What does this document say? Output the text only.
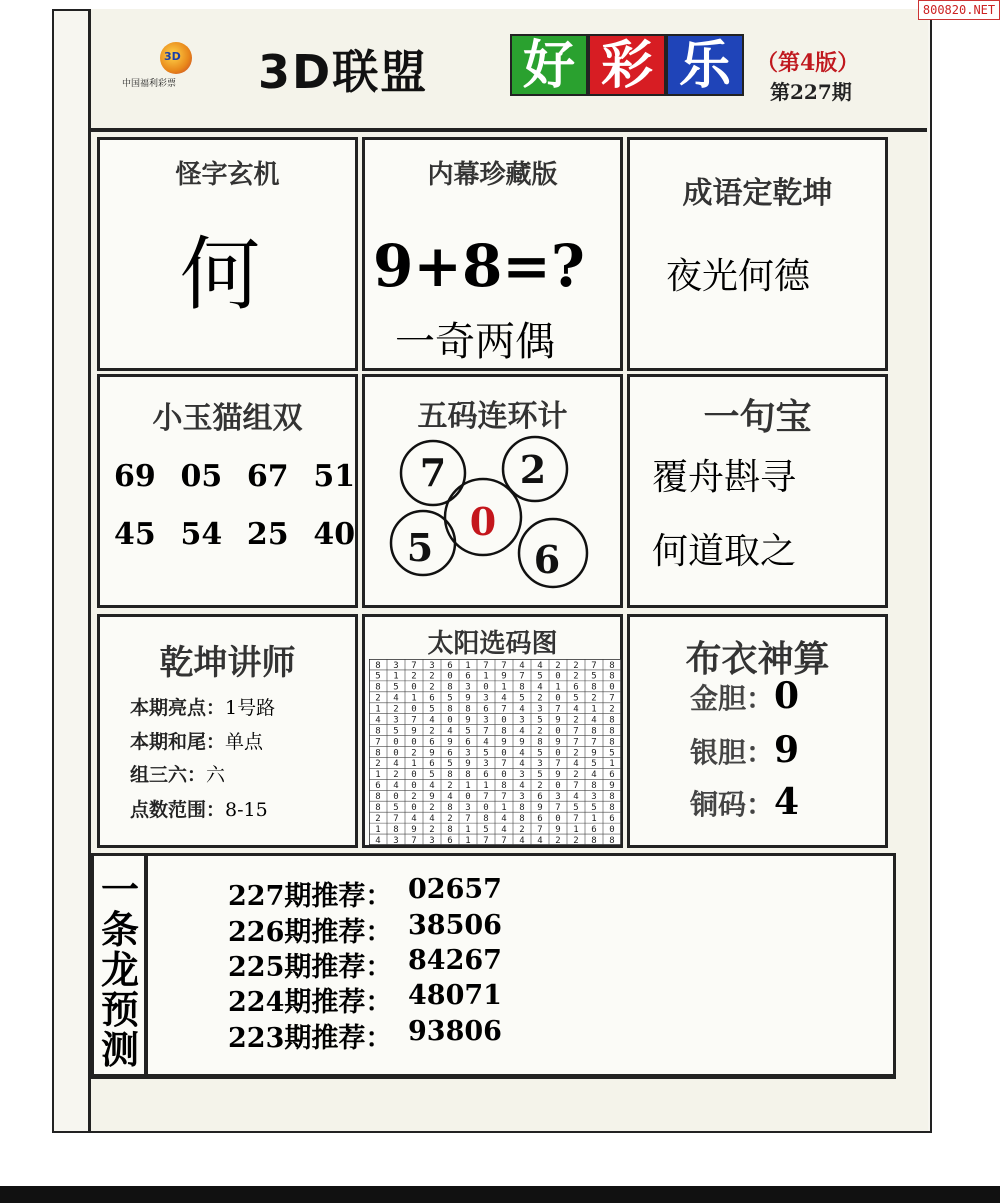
800820.NET
3D
中国福利彩票	3D联盟 好 彩 乐	（第4版）
第227期
怪字玄机
何
内幕珍藏版
9+8=?
一奇两偶
成语定乾坤
夜光何德
小玉猫组双
69 05 67 51
45 54 25 40
五码连环计
7 2
0
5	6
一句宝
覆舟斟寻
何道取之
乾坤讲师
本期亮点：1号路
本期和尾：单点
组三六：六
点数范围：8-15
太阳选码图
8 3 7 3 6 1 7 7 4 4 2 2 7 8
5 1 2 2 0 6 1 9 7 5 0 2 5 8
8 5 0 2 8 3 0 1 8 4 1 6 8 0
2 4 1 6 5 9 3 4 5 2 0 5 2 7
1 2 0 5 8 8 6 7 4 3 7 4 1 2
4 3 7 4 0 9 3 0 3 5 9 2 4 8
8 5 9 2 4 5 7 8 4 2 0 7 8 8
7 0 0 6 9 6 4 9 9 8 9 7 7 8
8 0 2 9 6 3 5 0 4 5 0 2 9 5
2 4 1 6 5 9 3 7 4 3 7 4 5 1
1 2 0 5 8 8 6 0 3 5 9 2 4 6
6 4 0 4 2 1 1 8 4 2 0 7 8 9
8 0 2 9 4 0 7 7 3 6 3 4 3 8
8 5 0 2 8 3 0 1 8 9 7 5 5 8
2 7 4 4 2 7 8 4 8 6 0 7 1 6
1 8 9 2 8 1 5 4 2 7 9 1 6 0
4 3 7 3 6 1 7 7 4 4 2 2 8 8
布衣神算
金胆：0
银胆：9
铜码：4
一条龙预测
227期推荐： 02657
226期推荐： 38506
225期推荐： 84267
224期推荐： 48071
223期推荐： 93806
